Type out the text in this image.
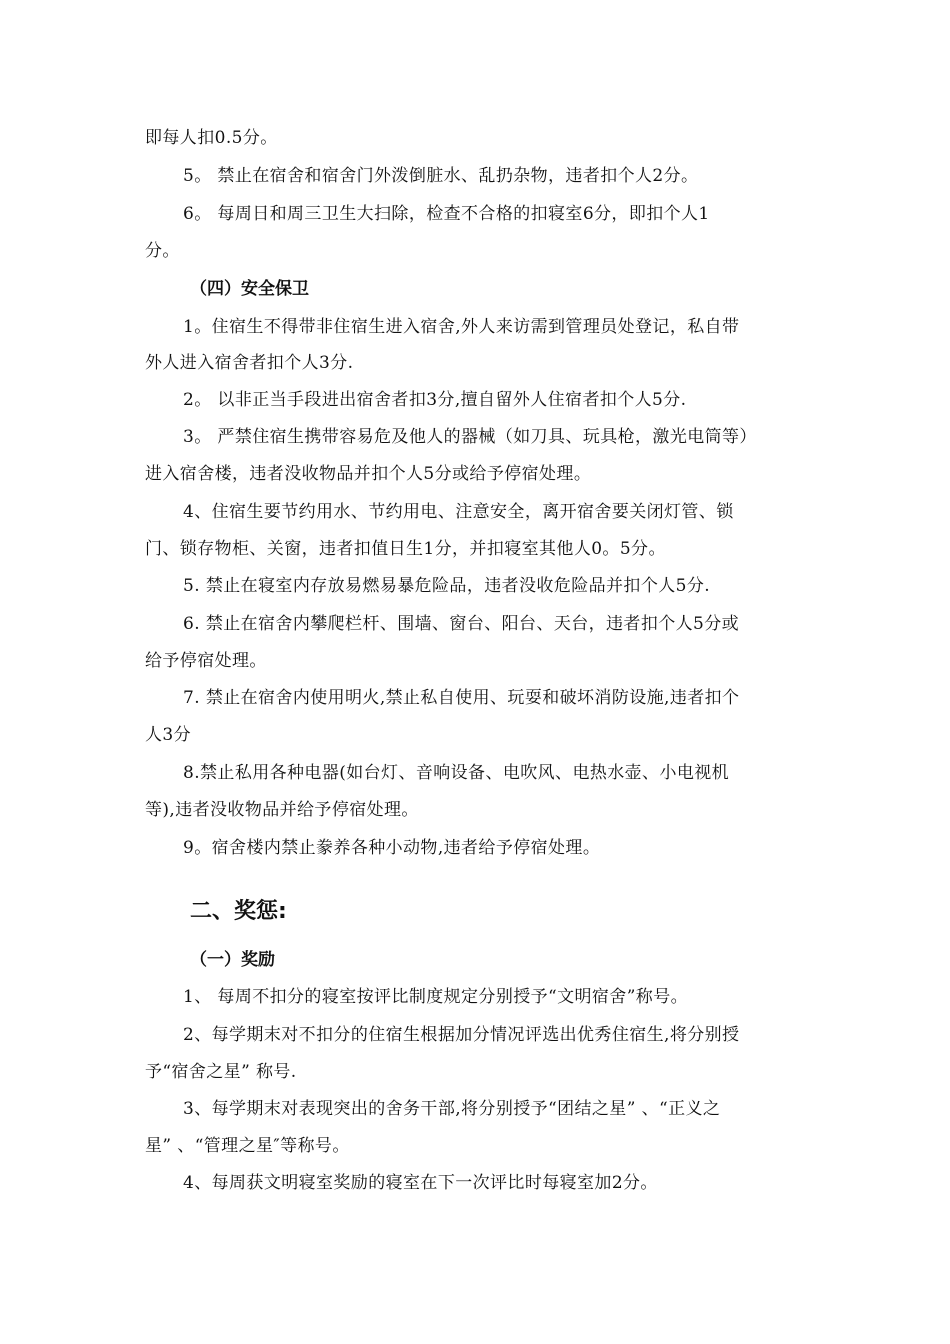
即每人扣0.5分。
5。 禁止在宿舍和宿舍门外泼倒脏水、乱扔杂物，违者扣个人2分。
6。 每周日和周三卫生大扫除，检查不合格的扣寝室6分，即扣个人1
分。
（四）安全保卫
1。住宿生不得带非住宿生进入宿舍,外人来访需到管理员处登记，私自带
外人进入宿舍者扣个人3分.
2。 以非正当手段进出宿舍者扣3分,擅自留外人住宿者扣个人5分.
3。 严禁住宿生携带容易危及他人的器械（如刀具、玩具枪，激光电筒等）
进入宿舍楼，违者没收物品并扣个人5分或给予停宿处理。
4、住宿生要节约用水、节约用电、注意安全，离开宿舍要关闭灯管、锁
门、锁存物柜、关窗，违者扣值日生1分，并扣寝室其他人0。5分。
5. 禁止在寝室内存放易燃易暴危险品，违者没收危险品并扣个人5分.
6. 禁止在宿舍内攀爬栏杆、围墙、窗台、阳台、天台，违者扣个人5分或
给予停宿处理。
7. 禁止在宿舍内使用明火,禁止私自使用、玩耍和破坏消防设施,违者扣个
人3分
8.禁止私用各种电器(如台灯、音响设备、电吹风、电热水壶、小电视机
等),违者没收物品并给予停宿处理。
9。宿舍楼内禁止豢养各种小动物,违者给予停宿处理。
二、奖惩:
（一）奖励
1、 每周不扣分的寝室按评比制度规定分别授予“文明宿舍”称号。
2、每学期末对不扣分的住宿生根据加分情况评选出优秀住宿生,将分别授
予“宿舍之星” 称号.
3、每学期末对表现突出的舍务干部,将分别授予“团结之星” 、“正义之
星” 、“管理之星″等称号。
4、每周获文明寝室奖励的寝室在下一次评比时每寝室加2分。
